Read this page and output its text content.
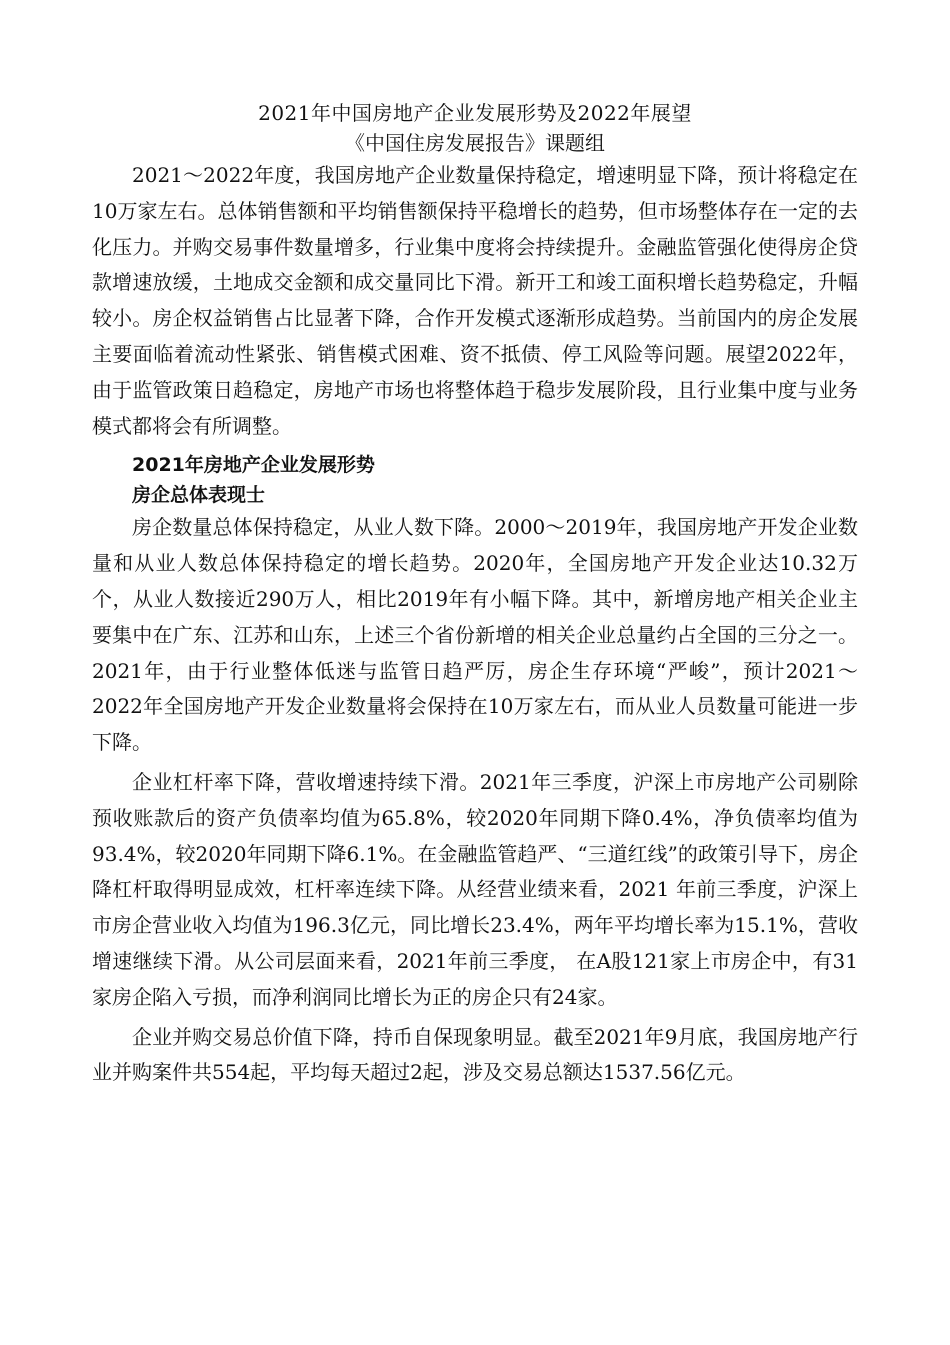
2021年中国房地产企业发展形势及2022年展望

《中国住房发展报告》课题组

2021～2022年度，我国房地产企业数量保持稳定，增速明显下降，预计将稳定在10万家左右。总体销售额和平均销售额保持平稳增长的趋势，但市场整体存在一定的去化压力。并购交易事件数量增多，行业集中度将会持续提升。金融监管强化使得房企贷款增速放缓，土地成交金额和成交量同比下滑。新开工和竣工面积增长趋势稳定，升幅较小。房企权益销售占比显著下降，合作开发模式逐渐形成趋势。当前国内的房企发展主要面临着流动性紧张、销售模式困难、资不抵债、停工风险等问题。展望2022年，由于监管政策日趋稳定，房地产市场也将整体趋于稳步发展阶段，且行业集中度与业务模式都将会有所调整。

2021年房地产企业发展形势

房企总体表现士

房企数量总体保持稳定，从业人数下降。2000～2019年，我国房地产开发企业数量和从业人数总体保持稳定的增长趋势。2020年，全国房地产开发企业达10.32万个，从业人数接近290万人，相比2019年有小幅下降。其中，新增房地产相关企业主要集中在广东、江苏和山东，上述三个省份新增的相关企业总量约占全国的三分之一。2021年，由于行业整体低迷与监管日趋严厉，房企生存环境“严峻”，预计2021～2022年全国房地产开发企业数量将会保持在10万家左右，而从业人员数量可能进一步下降。

企业杠杆率下降，营收增速持续下滑。2021年三季度，沪深上市房地产公司剔除预收账款后的资产负债率均值为65.8%，较2020年同期下降0.4%，净负债率均值为93.4%，较2020年同期下降6.1%。在金融监管趋严、“三道红线”的政策引导下，房企降杠杆取得明显成效，杠杆率连续下降。从经营业绩来看，2021 年前三季度，沪深上市房企营业收入均值为196.3亿元，同比增长23.4%，两年平均增长率为15.1%，营收增速继续下滑。从公司层面来看，2021年前三季度， 在A股121家上市房企中，有31家房企陷入亏损，而净利润同比增长为正的房企只有24家。

企业并购交易总价值下降，持币自保现象明显。截至2021年9月底，我国房地产行业并购案件共554起，平均每天超过2起，涉及交易总额达1537.56亿元。
